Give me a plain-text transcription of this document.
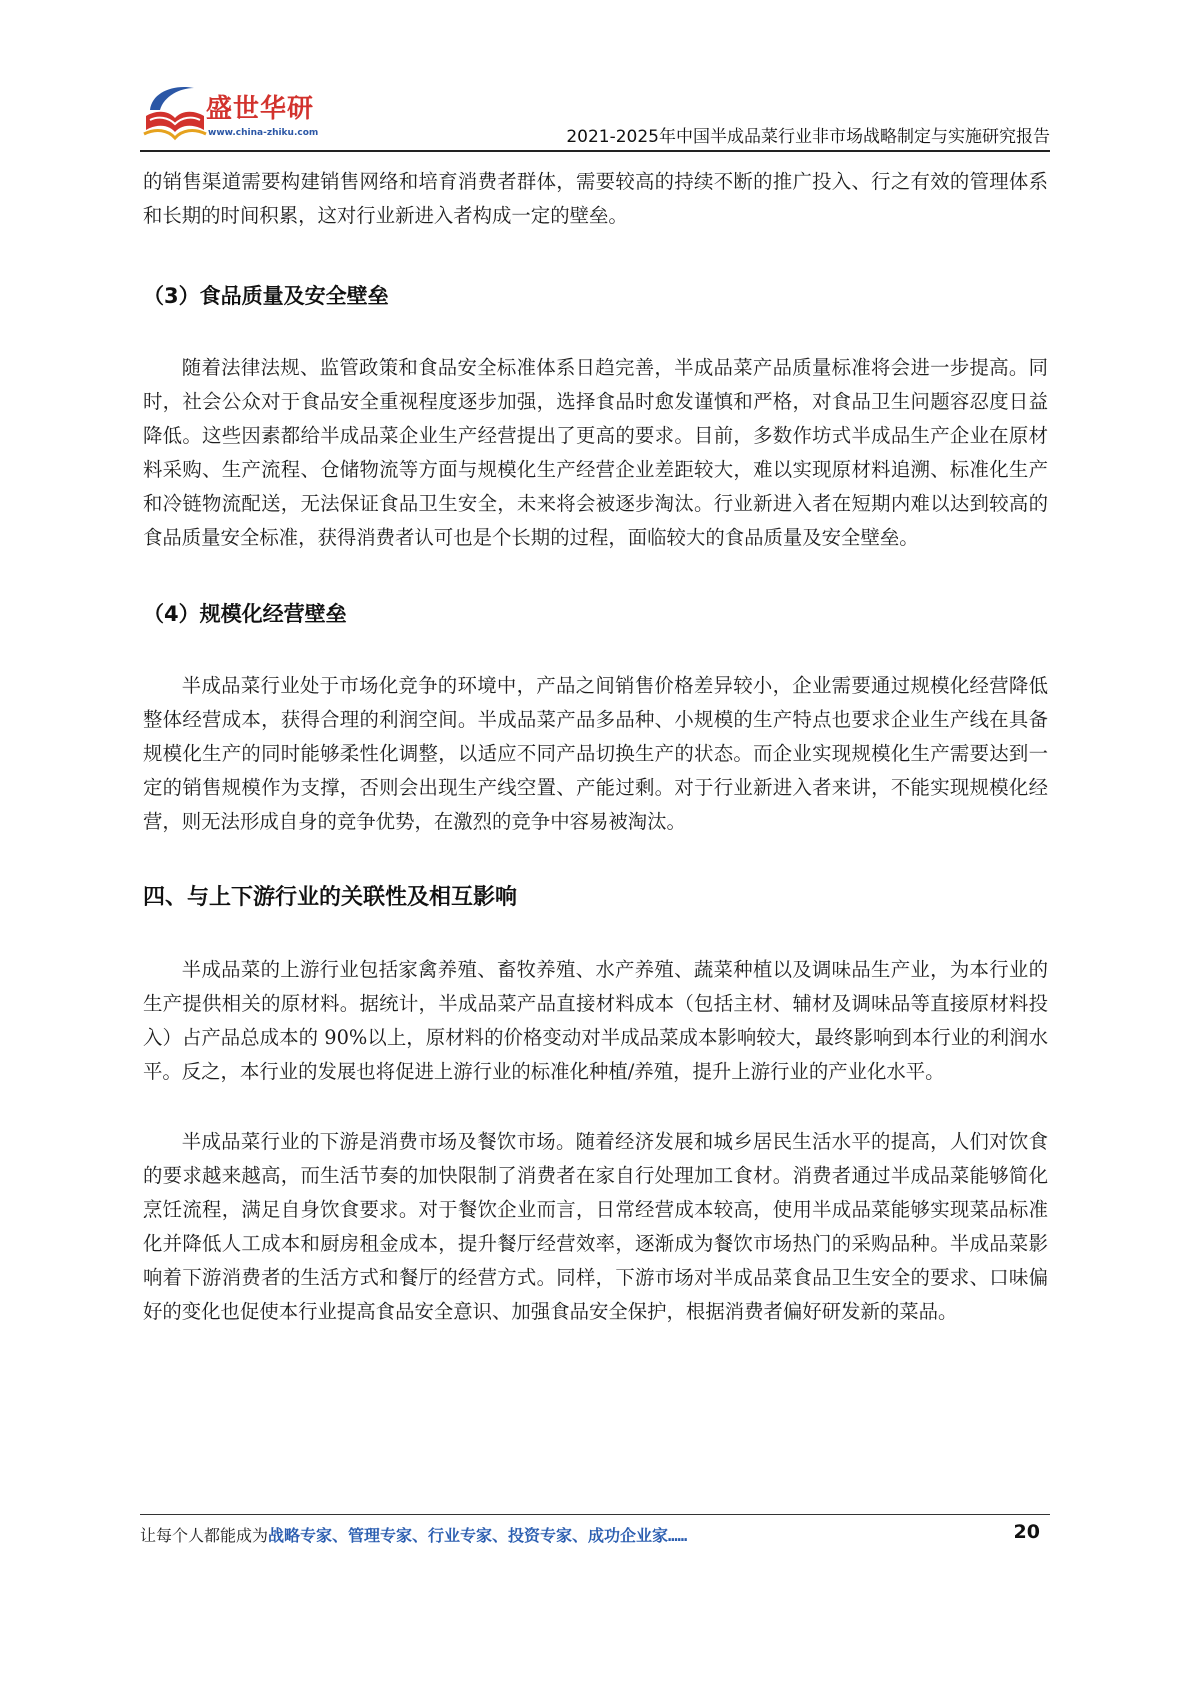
盛世华研
www.china-zhiku.com	2021-2025年中国半成品菜行业非市场战略制定与实施研究报告

的销售渠道需要构建销售网络和培育消费者群体，需要较高的持续不断的推广投入、行之有效的管理体系和长期的时间积累，这对行业新进入者构成一定的壁垒。

（3）食品质量及安全壁垒

随着法律法规、监管政策和食品安全标准体系日趋完善，半成品菜产品质量标准将会进一步提高。同时，社会公众对于食品安全重视程度逐步加强，选择食品时愈发谨慎和严格，对食品卫生问题容忍度日益降低。这些因素都给半成品菜企业生产经营提出了更高的要求。目前，多数作坊式半成品生产企业在原材料采购、生产流程、仓储物流等方面与规模化生产经营企业差距较大，难以实现原材料追溯、标准化生产和冷链物流配送，无法保证食品卫生安全，未来将会被逐步淘汰。行业新进入者在短期内难以达到较高的食品质量安全标准，获得消费者认可也是个长期的过程，面临较大的食品质量及安全壁垒。

（4）规模化经营壁垒

半成品菜行业处于市场化竞争的环境中，产品之间销售价格差异较小，企业需要通过规模化经营降低整体经营成本，获得合理的利润空间。半成品菜产品多品种、小规模的生产特点也要求企业生产线在具备规模化生产的同时能够柔性化调整，以适应不同产品切换生产的状态。而企业实现规模化生产需要达到一定的销售规模作为支撑，否则会出现生产线空置、产能过剩。对于行业新进入者来讲，不能实现规模化经营，则无法形成自身的竞争优势，在激烈的竞争中容易被淘汰。

四、与上下游行业的关联性及相互影响

半成品菜的上游行业包括家禽养殖、畜牧养殖、水产养殖、蔬菜种植以及调味品生产业，为本行业的生产提供相关的原材料。据统计，半成品菜产品直接材料成本（包括主材、辅材及调味品等直接原材料投入）占产品总成本的 90%以上，原材料的价格变动对半成品菜成本影响较大，最终影响到本行业的利润水平。反之，本行业的发展也将促进上游行业的标准化种植/养殖，提升上游行业的产业化水平。

半成品菜行业的下游是消费市场及餐饮市场。随着经济发展和城乡居民生活水平的提高，人们对饮食的要求越来越高，而生活节奏的加快限制了消费者在家自行处理加工食材。消费者通过半成品菜能够简化烹饪流程，满足自身饮食要求。对于餐饮企业而言，日常经营成本较高，使用半成品菜能够实现菜品标准化并降低人工成本和厨房租金成本，提升餐厅经营效率，逐渐成为餐饮市场热门的采购品种。半成品菜影响着下游消费者的生活方式和餐厅的经营方式。同样，下游市场对半成品菜食品卫生安全的要求、口味偏好的变化也促使本行业提高食品安全意识、加强食品安全保护，根据消费者偏好研发新的菜品。

让每个人都能成为战略专家、管理专家、行业专家、投资专家、成功企业家……	20
